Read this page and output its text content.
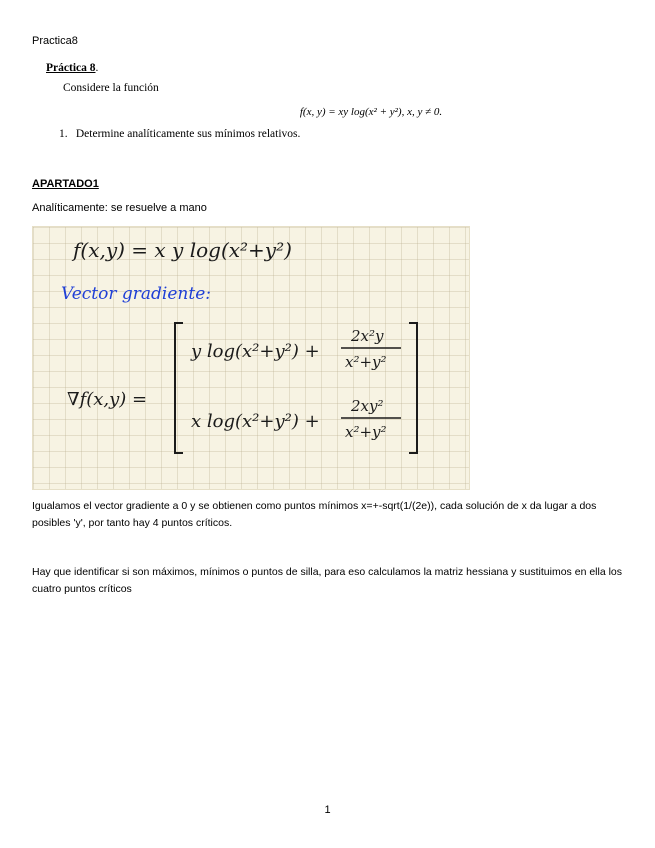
Practica8
Práctica 8.
Considere la función
f(x, y) = xy log(x² + y²), x, y ≠ 0.
1. Determine analíticamente sus mínimos relativos.
APARTADO1
Analíticamente: se resuelve a mano
f(x,y) = x y log(x²+y²)
Vector gradiente:
∇f(x,y) =
y log(x²+y²) +
2x²y
x²+y²
x log(x²+y²) +
2xy²
x²+y²
Igualamos el vector gradiente a 0 y se obtienen como puntos mínimos x=+-sqrt(1/(2e)), cada solución de x da lugar a dos posibles 'y', por tanto hay 4 puntos críticos.
Hay que identificar si son máximos, mínimos o puntos de silla, para eso calculamos la matriz hessiana y sustituimos en ella los cuatro puntos críticos
1
